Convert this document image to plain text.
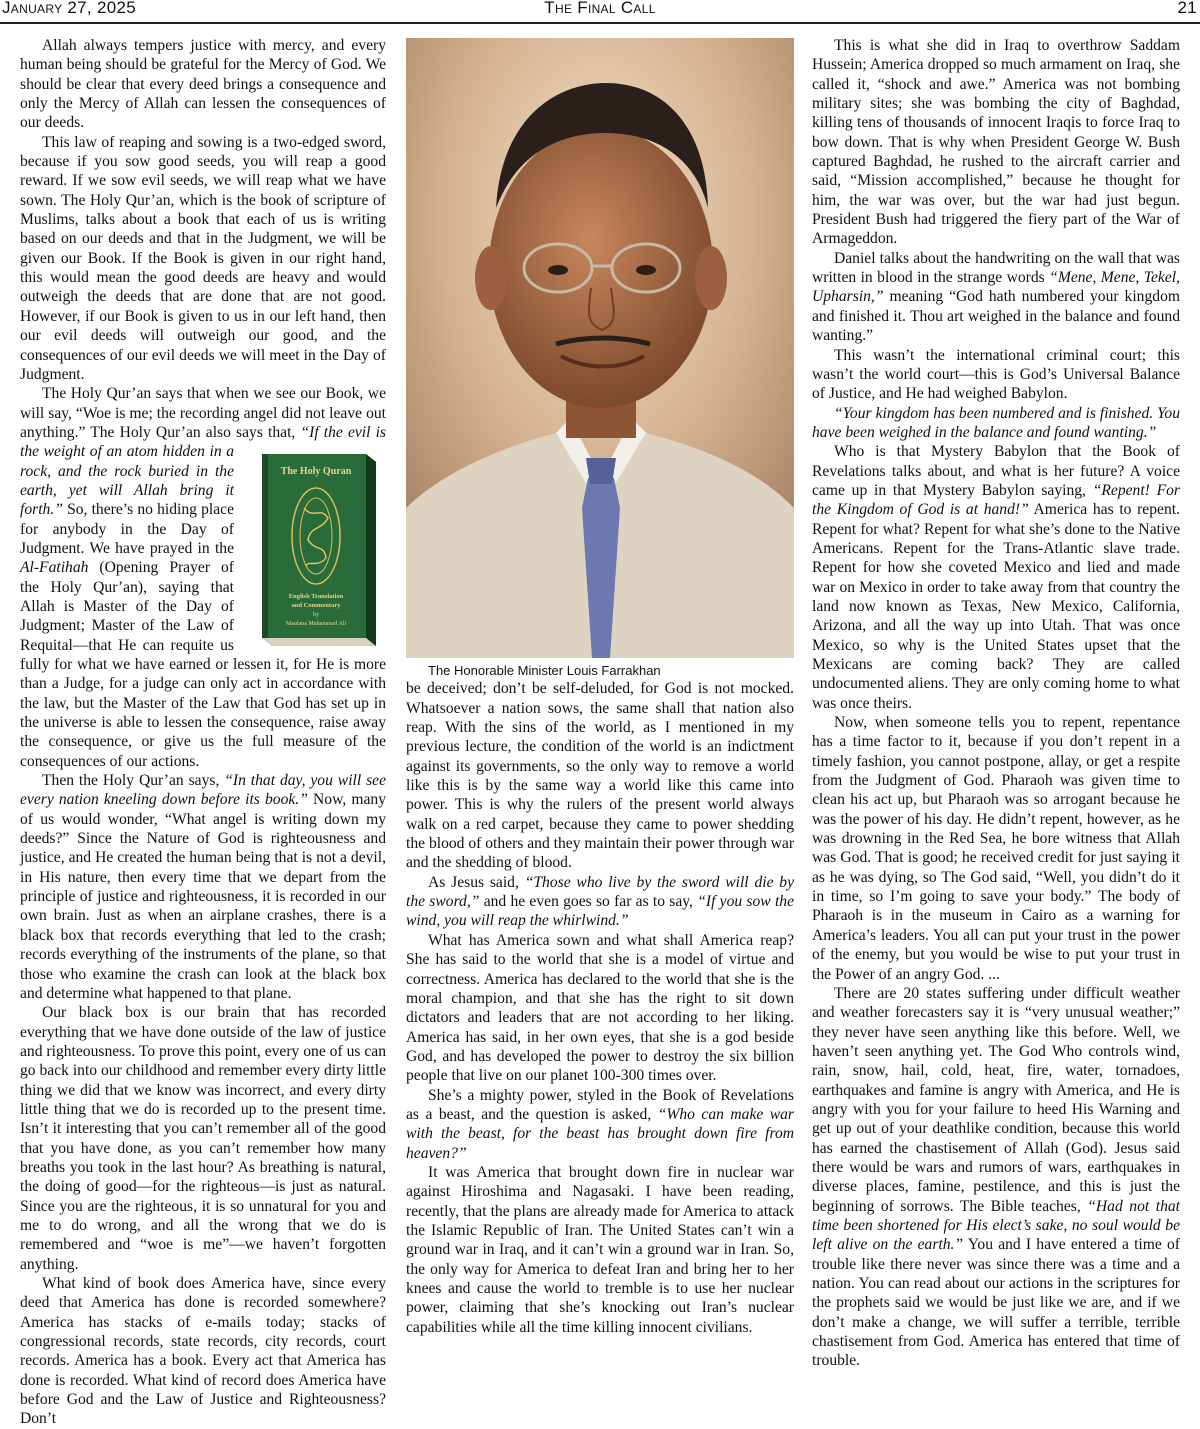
January 27, 2025	The Final Call	21

Allah always tempers justice with mercy, and every human being should be grateful for the Mercy of God. We should be clear that every deed brings a consequence and only the Mercy of Allah can lessen the consequences of our deeds.

This law of reaping and sowing is a two-edged sword, because if you sow good seeds, you will reap a good reward. If we sow evil seeds, we will reap what we have sown. The Holy Qur’an, which is the book of scripture of Muslims, talks about a book that each of us is writing based on our deeds and that in the Judgment, we will be given our Book. If the Book is given in our right hand, this would mean the good deeds are heavy and would outweigh the deeds that are done that are not good. However, if our Book is given to us in our left hand, then our evil deeds will outweigh our good, and the consequences of our evil deeds we will meet in the Day of Judgment.

The Holy Qur’an says that when we see our Book, we will say, “Woe is me; the recording angel did not leave out anything.” The Holy Qur’an also says that,
The Holy Quran
English Translation
and Commentary
by
Maulana Muhammad Ali
“If the evil is the weight of an atom hidden in a rock, and the rock buried in the earth, yet will Allah bring it forth.” So, there’s no hiding place for anybody in the Day of Judgment. We have prayed in the Al-Fatihah (Opening Prayer of the Holy Qur’an), saying that Allah is Master of the Day of Judgment; Master of the Law of Requital—that He can requite us fully for what we have earned or lessen it, for He is more than a Judge, for a judge can only act in accordance with the law, but the Master of the Law that God has set up in the universe is able to lessen the consequence, raise away the consequence, or give us the full measure of the consequences of our actions.

Then the Holy Qur’an says, “In that day, you will see every nation kneeling down before its book.” Now, many of us would wonder, “What angel is writing down my deeds?” Since the Nature of God is righteousness and justice, and He created the human being that is not a devil, in His nature, then every time that we depart from the principle of justice and righteousness, it is recorded in our own brain. Just as when an airplane crashes, there is a black box that records everything that led to the crash; records everything of the instruments of the plane, so that those who examine the crash can look at the black box and determine what happened to that plane.

Our black box is our brain that has recorded everything that we have done outside of the law of justice and righteousness. To prove this point, every one of us can go back into our childhood and remember every dirty little thing we did that we know was incorrect, and every dirty little thing that we do is recorded up to the present time. Isn’t it interesting that you can’t remember all of the good that you have done, as you can’t remember how many breaths you took in the last hour? As breathing is natural, the doing of good—for the righteous—is just as natural. Since you are the righteous, it is so unnatural for you and me to do wrong, and all the wrong that we do is remembered and “woe is me”—we haven’t forgotten anything.

What kind of book does America have, since every deed that America has done is recorded somewhere? America has stacks of e-mails today; stacks of congressional records, state records, city records, court records. America has a book. Every act that America has done is recorded. What kind of record does America have before God and the Law of Justice and Righteousness? Don’t

The Honorable Minister Louis Farrakhan

be deceived; don’t be self-deluded, for God is not mocked. Whatsoever a nation sows, the same shall that nation also reap. With the sins of the world, as I mentioned in my previous lecture, the condition of the world is an indictment against its governments, so the only way to remove a world like this is by the same way a world like this came into power. This is why the rulers of the present world always walk on a red carpet, because they came to power shedding the blood of others and they maintain their power through war and the shedding of blood.

As Jesus said, “Those who live by the sword will die by the sword,” and he even goes so far as to say, “If you sow the wind, you will reap the whirlwind.”

What has America sown and what shall America reap? She has said to the world that she is a model of virtue and correctness. America has declared to the world that she is the moral champion, and that she has the right to sit down dictators and leaders that are not according to her liking. America has said, in her own eyes, that she is a god beside God, and has developed the power to destroy the six billion people that live on our planet 100-300 times over.

She’s a mighty power, styled in the Book of Revelations as a beast, and the question is asked, “Who can make war with the beast, for the beast has brought down fire from heaven?”

It was America that brought down fire in nuclear war against Hiroshima and Nagasaki. I have been reading, recently, that the plans are already made for America to attack the Islamic Republic of Iran. The United States can’t win a ground war in Iraq, and it can’t win a ground war in Iran. So, the only way for America to defeat Iran and bring her to her knees and cause the world to tremble is to use her nuclear power, claiming that she’s knocking out Iran’s nuclear capabilities while all the time killing innocent civilians.

This is what she did in Iraq to overthrow Saddam Hussein; America dropped so much armament on Iraq, she called it, “shock and awe.” America was not bombing military sites; she was bombing the city of Baghdad, killing tens of thousands of innocent Iraqis to force Iraq to bow down. That is why when President George W. Bush captured Baghdad, he rushed to the aircraft carrier and said, “Mission accomplished,” because he thought for him, the war was over, but the war had just begun. President Bush had triggered the fiery part of the War of Armageddon.

Daniel talks about the handwriting on the wall that was written in blood in the strange words “Mene, Mene, Tekel, Upharsin,” meaning “God hath numbered your kingdom and finished it. Thou art weighed in the balance and found wanting.”

This wasn’t the international criminal court; this wasn’t the world court—this is God’s Universal Balance of Justice, and He had weighed Babylon.

“Your kingdom has been numbered and is finished. You have been weighed in the balance and found wanting.”

Who is that Mystery Babylon that the Book of Revelations talks about, and what is her future? A voice came up in that Mystery Babylon saying, “Repent! For the Kingdom of God is at hand!” America has to repent. Repent for what? Repent for what she’s done to the Native Americans. Repent for the Trans-Atlantic slave trade. Repent for how she coveted Mexico and lied and made war on Mexico in order to take away from that country the land now known as Texas, New Mexico, California, Arizona, and all the way up into Utah. That was once Mexico, so why is the United States upset that the Mexicans are coming back? They are called undocumented aliens. They are only coming home to what was once theirs.

Now, when someone tells you to repent, repentance has a time factor to it, because if you don’t repent in a timely fashion, you cannot postpone, allay, or get a respite from the Judgment of God. Pharaoh was given time to clean his act up, but Pharaoh was so arrogant because he was the power of his day. He didn’t repent, however, as he was drowning in the Red Sea, he bore witness that Allah was God. That is good; he received credit for just saying it as he was dying, so The God said, “Well, you didn’t do it in time, so I’m going to save your body.” The body of Pharaoh is in the museum in Cairo as a warning for America’s leaders. You all can put your trust in the power of the enemy, but you would be wise to put your trust in the Power of an angry God. ...

There are 20 states suffering under difficult weather and weather forecasters say it is “very unusual weather;” they never have seen anything like this before. Well, we haven’t seen anything yet. The God Who controls wind, rain, snow, hail, cold, heat, fire, water, tornadoes, earthquakes and famine is angry with America, and He is angry with you for your failure to heed His Warning and get up out of your deathlike condition, because this world has earned the chastisement of Allah (God). Jesus said there would be wars and rumors of wars, earthquakes in diverse places, famine, pestilence, and this is just the beginning of sorrows. The Bible teaches, “Had not that time been shortened for His elect’s sake, no soul would be left alive on the earth.” You and I have entered a time of trouble like there never was since there was a time and a nation. You can read about our actions in the scriptures for the prophets said we would be just like we are, and if we don’t make a change, we will suffer a terrible, terrible chastisement from God. America has entered that time of trouble.
